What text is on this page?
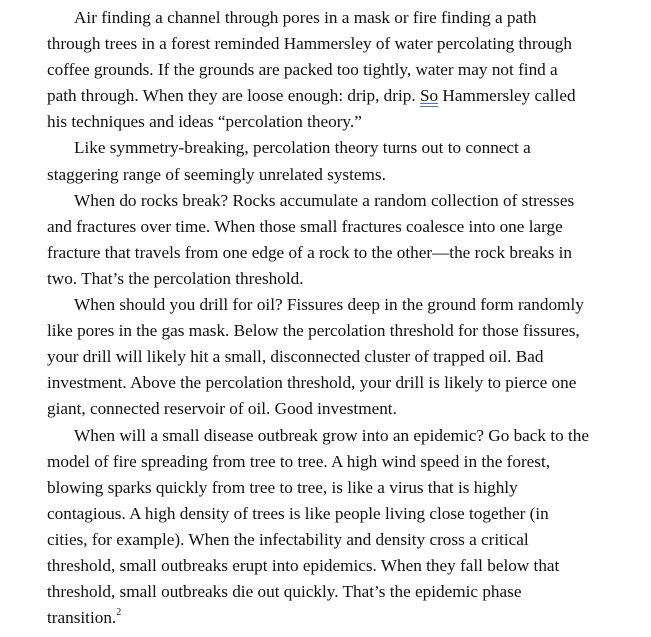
Air finding a channel through pores in a mask or fire finding a path
through trees in a forest reminded Hammersley of water percolating through
coffee grounds. If the grounds are packed too tightly, water may not find a
path through. When they are loose enough: drip, drip. So Hammersley called
his techniques and ideas “percolation theory.”
Like symmetry-breaking, percolation theory turns out to connect a
staggering range of seemingly unrelated systems.
When do rocks break? Rocks accumulate a random collection of stresses
and fractures over time. When those small fractures coalesce into one large
fracture that travels from one edge of a rock to the other—the rock breaks in
two. That’s the percolation threshold.
When should you drill for oil? Fissures deep in the ground form randomly
like pores in the gas mask. Below the percolation threshold for those fissures,
your drill will likely hit a small, disconnected cluster of trapped oil. Bad
investment. Above the percolation threshold, your drill is likely to pierce one
giant, connected reservoir of oil. Good investment.
When will a small disease outbreak grow into an epidemic? Go back to the
model of fire spreading from tree to tree. A high wind speed in the forest,
blowing sparks quickly from tree to tree, is like a virus that is highly
contagious. A high density of trees is like people living close together (in
cities, for example). When the infectability and density cross a critical
threshold, small outbreaks erupt into epidemics. When they fall below that
threshold, small outbreaks die out quickly. That’s the epidemic phase
transition.$^2$
